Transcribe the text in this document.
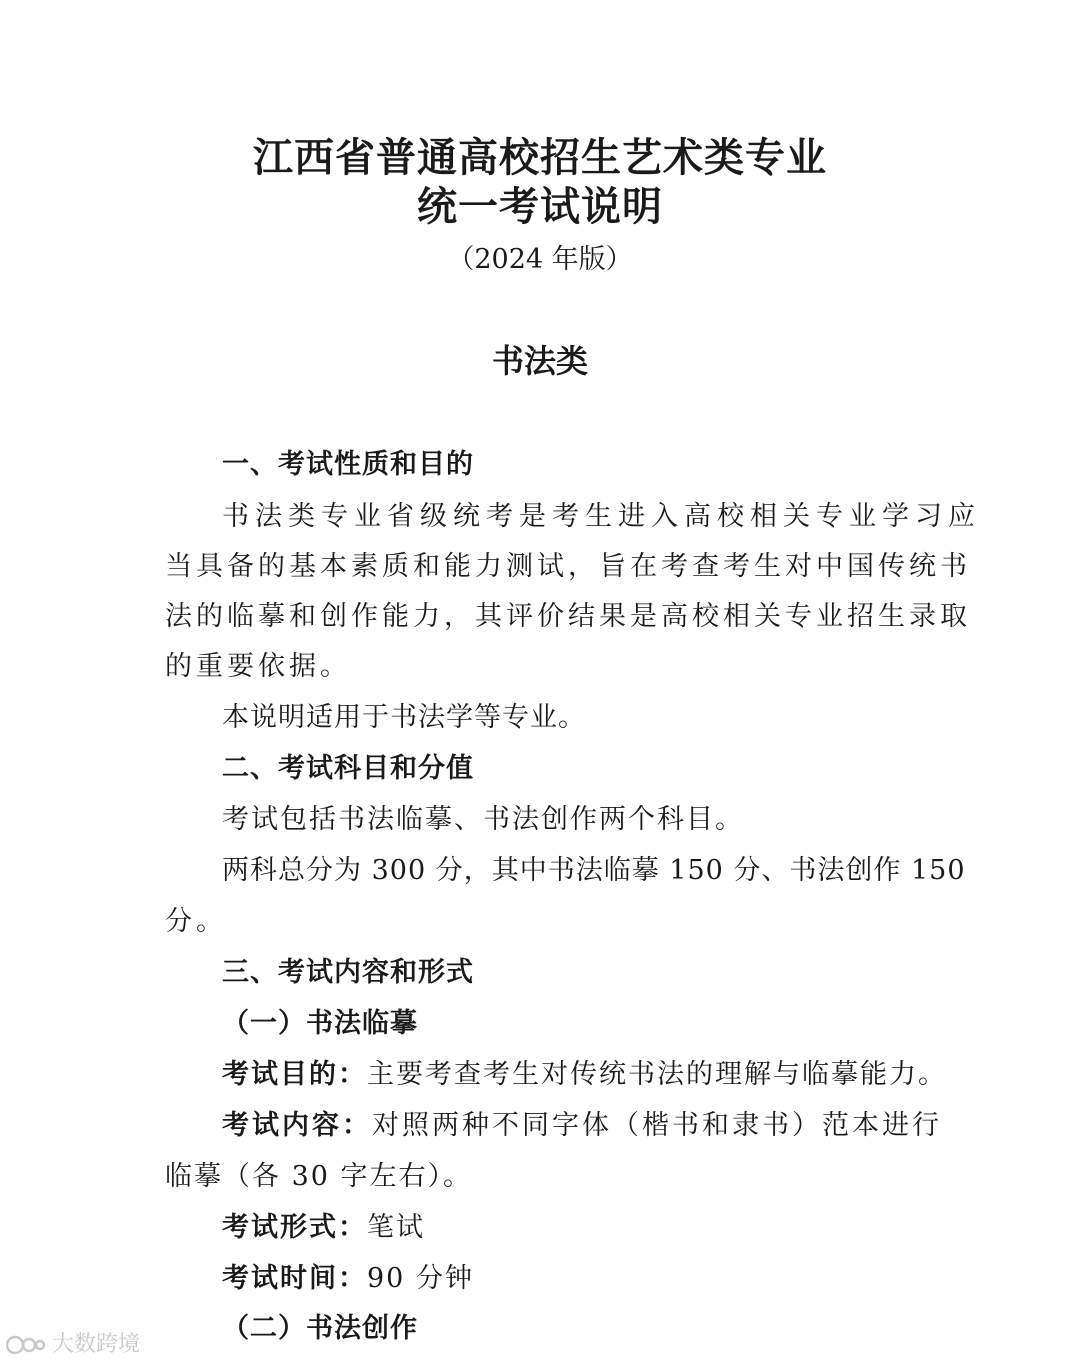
江西省普通高校招生艺术类专业
统一考试说明
（2024 年版）
书法类
一、考试性质和目的
书法类专业省级统考是考生进入高校相关专业学习应
当具备的基本素质和能力测试，旨在考查考生对中国传统书
法的临摹和创作能力，其评价结果是高校相关专业招生录取
的重要依据。
本说明适用于书法学等专业。
二、考试科目和分值
考试包括书法临摹、书法创作两个科目。
两科总分为 300 分，其中书法临摹 150 分、书法创作 150
分。
三、考试内容和形式
（一）书法临摹
考试目的：主要考查考生对传统书法的理解与临摹能力。
考试内容：对照两种不同字体（楷书和隶书）范本进行
临摹（各 30 字左右）。
考试形式：笔试
考试时间：90 分钟
（二）书法创作
大数跨境
